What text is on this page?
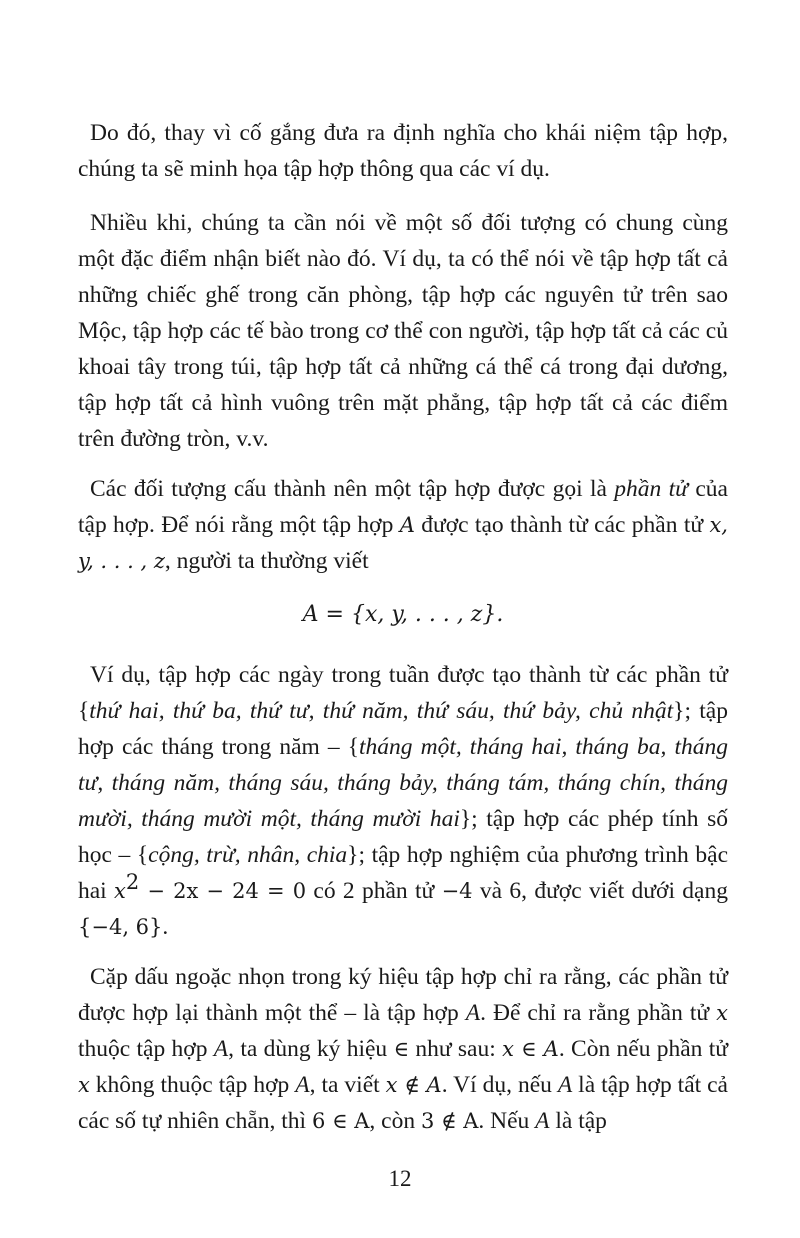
Do đó, thay vì cố gắng đưa ra định nghĩa cho khái niệm tập hợp, chúng ta sẽ minh họa tập hợp thông qua các ví dụ.

Nhiều khi, chúng ta cần nói về một số đối tượng có chung cùng một đặc điểm nhận biết nào đó. Ví dụ, ta có thể nói về tập hợp tất cả những chiếc ghế trong căn phòng, tập hợp các nguyên tử trên sao Mộc, tập hợp các tế bào trong cơ thể con người, tập hợp tất cả các củ khoai tây trong túi, tập hợp tất cả những cá thể cá trong đại dương, tập hợp tất cả hình vuông trên mặt phẳng, tập hợp tất cả các điểm trên đường tròn, v.v.

Các đối tượng cấu thành nên một tập hợp được gọi là phần tử của tập hợp. Để nói rằng một tập hợp A được tạo thành từ các phần tử x, y, . . . , z, người ta thường viết

A = {x, y, . . . , z}.

Ví dụ, tập hợp các ngày trong tuần được tạo thành từ các phần tử {thứ hai, thứ ba, thứ tư, thứ năm, thứ sáu, thứ bảy, chủ nhật}; tập hợp các tháng trong năm – {tháng một, tháng hai, tháng ba, tháng tư, tháng năm, tháng sáu, tháng bảy, tháng tám, tháng chín, tháng mười, tháng mười một, tháng mười hai}; tập hợp các phép tính số học – {cộng, trừ, nhân, chia}; tập hợp nghiệm của phương trình bậc hai $x^2 - 2x - 24 = 0$ có 2 phần tử −4 và 6, được viết dưới dạng {−4, 6}.

Cặp dấu ngoặc nhọn trong ký hiệu tập hợp chỉ ra rằng, các phần tử được hợp lại thành một thể – là tập hợp A. Để chỉ ra rằng phần tử x thuộc tập hợp A, ta dùng ký hiệu ∈ như sau: x ∈ A. Còn nếu phần tử x không thuộc tập hợp A, ta viết x ∉ A. Ví dụ, nếu A là tập hợp tất cả các số tự nhiên chẵn, thì 6 ∈ A, còn 3 ∉ A. Nếu A là tập

12
